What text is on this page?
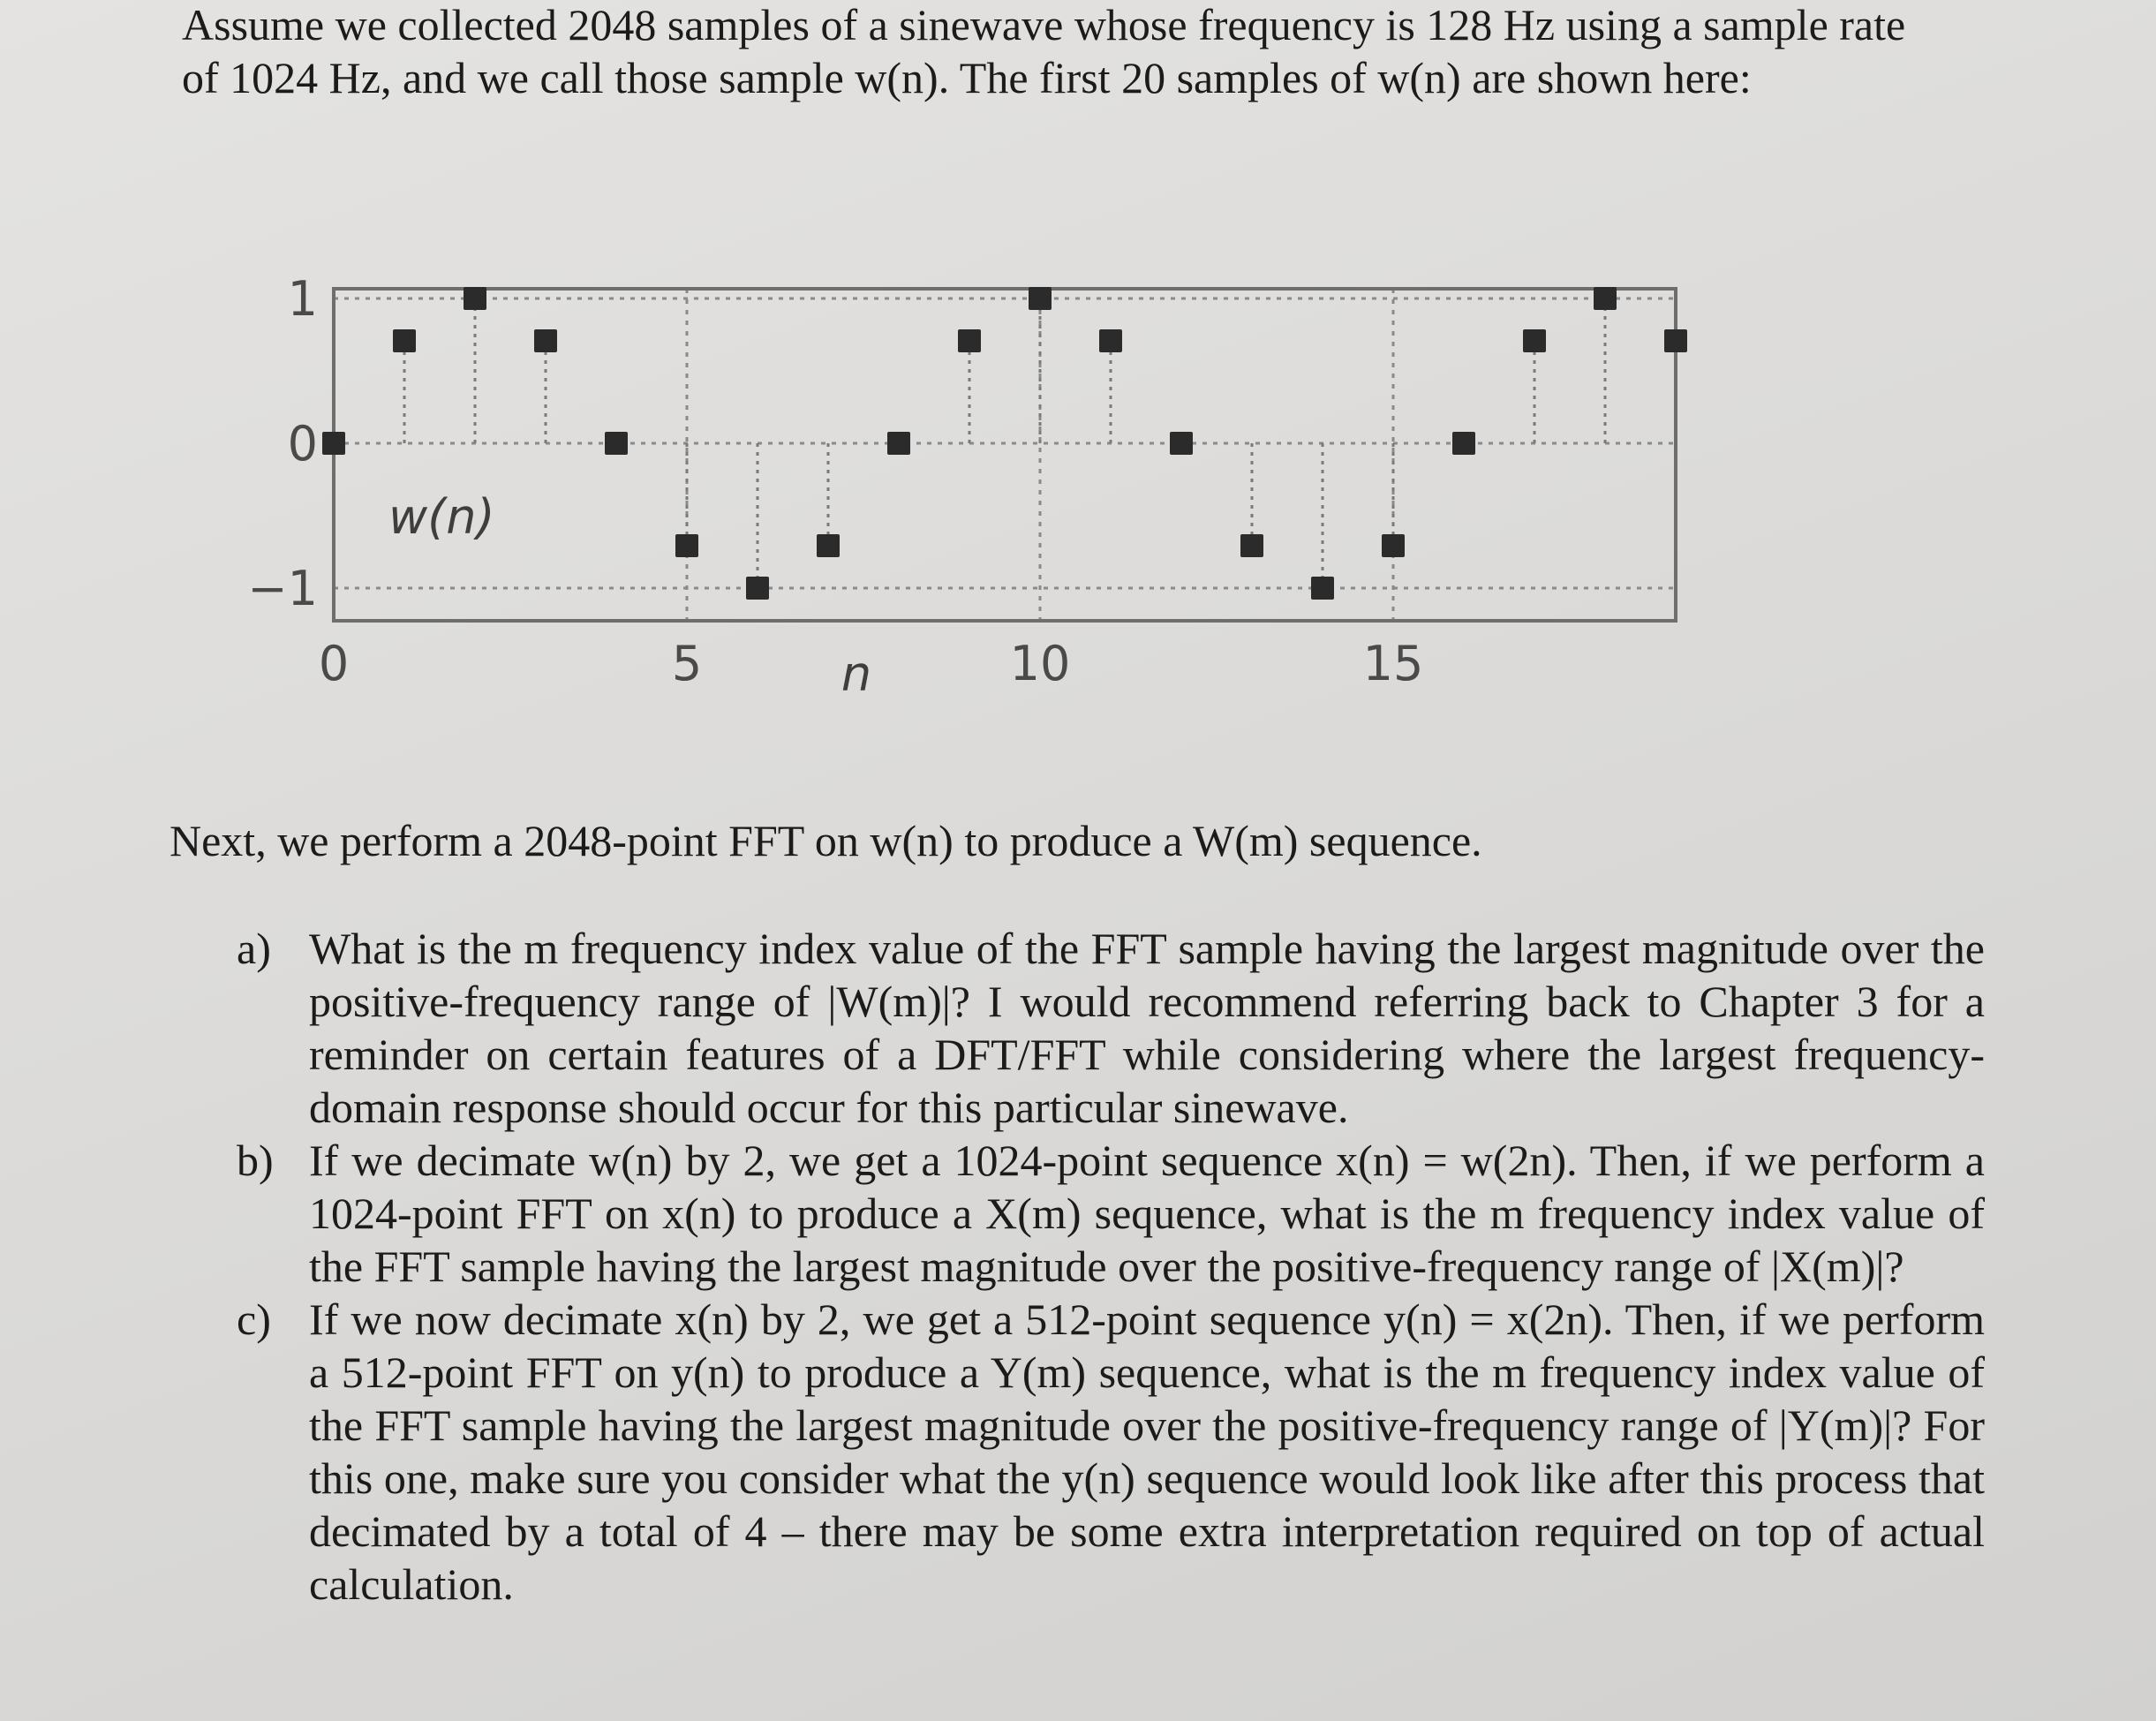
Assume we collected 2048 samples of a sinewave whose frequency is 128 Hz using a sample rate

of 1024 Hz, and we call those sample w(n). The first 20 samples of w(n) are shown here:

1
0
−1
0	5	10	15
n
w(n)

Next, we perform a 2048-point FFT on w(n) to produce a W(m) sequence.

a) What is the m frequency index value of the FFT sample having the largest magnitude over the positive-frequency range of |W(m)|? I would recommend referring back to Chapter 3 for a reminder on certain features of a DFT/FFT while considering where the largest frequency-domain response should occur for this particular sinewave.
b) If we decimate w(n) by 2, we get a 1024-point sequence x(n) = w(2n). Then, if we perform a 1024-point FFT on x(n) to produce a X(m) sequence, what is the m frequency index value of the FFT sample having the largest magnitude over the positive-frequency range of |X(m)|?
c) If we now decimate x(n) by 2, we get a 512-point sequence y(n) = x(2n). Then, if we perform a 512-point FFT on y(n) to produce a Y(m) sequence, what is the m frequency index value of the FFT sample having the largest magnitude over the positive-frequency range of |Y(m)|? For this one, make sure you consider what the y(n) sequence would look like after this process that decimated by a total of 4 – there may be some extra interpretation required on top of actual calculation.
